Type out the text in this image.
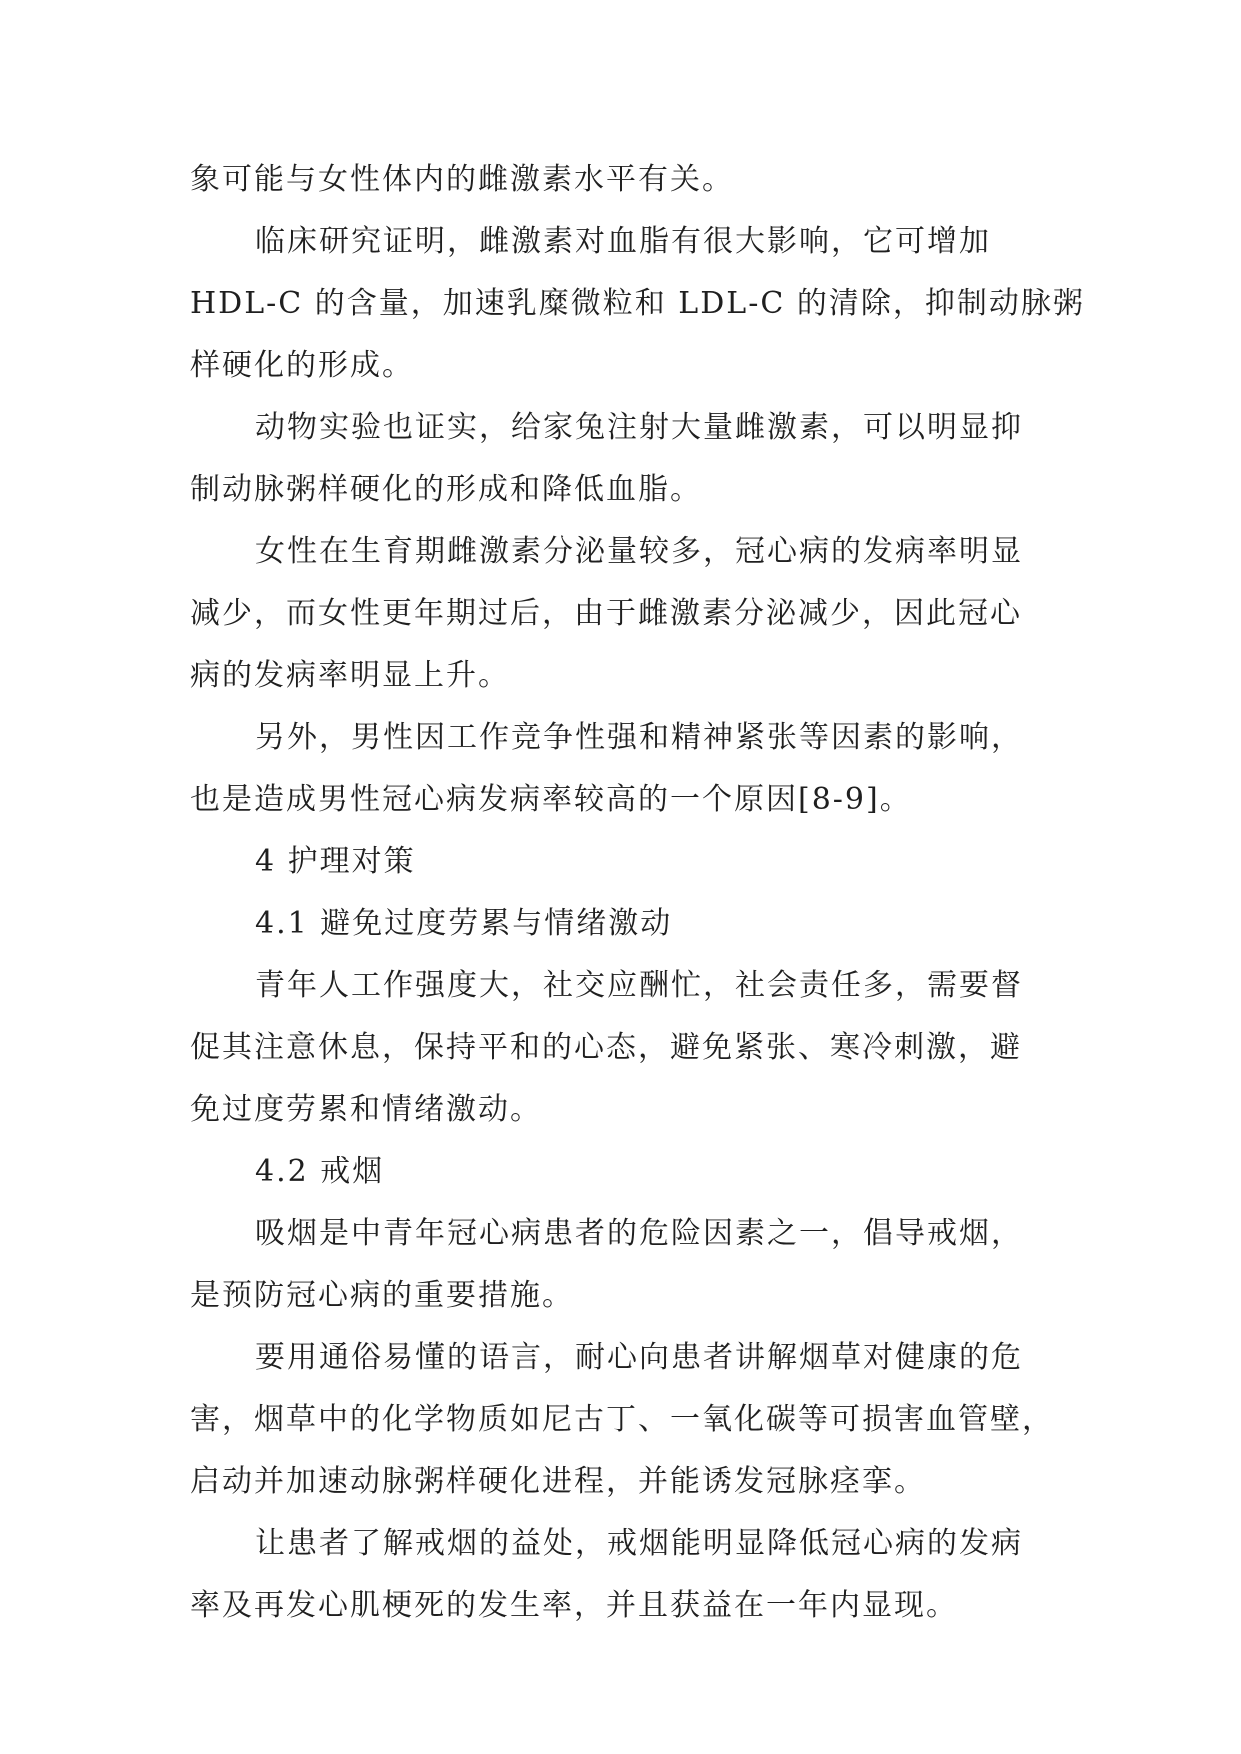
象可能与女性体内的雌激素水平有关。
临床研究证明，雌激素对血脂有很大影响，它可增加
HDL-C 的含量，加速乳糜微粒和 LDL-C 的清除，抑制动脉粥
样硬化的形成。
动物实验也证实，给家兔注射大量雌激素，可以明显抑
制动脉粥样硬化的形成和降低血脂。
女性在生育期雌激素分泌量较多，冠心病的发病率明显
减少，而女性更年期过后，由于雌激素分泌减少，因此冠心
病的发病率明显上升。
另外，男性因工作竞争性强和精神紧张等因素的影响，
也是造成男性冠心病发病率较高的一个原因[8-9]。
4 护理对策
4.1 避免过度劳累与情绪激动
青年人工作强度大，社交应酬忙，社会责任多，需要督
促其注意休息，保持平和的心态，避免紧张、寒冷刺激，避
免过度劳累和情绪激动。
4.2 戒烟
吸烟是中青年冠心病患者的危险因素之一，倡导戒烟，
是预防冠心病的重要措施。
要用通俗易懂的语言，耐心向患者讲解烟草对健康的危
害，烟草中的化学物质如尼古丁、一氧化碳等可损害血管壁，
启动并加速动脉粥样硬化进程，并能诱发冠脉痉挛。
让患者了解戒烟的益处，戒烟能明显降低冠心病的发病
率及再发心肌梗死的发生率，并且获益在一年内显现。
